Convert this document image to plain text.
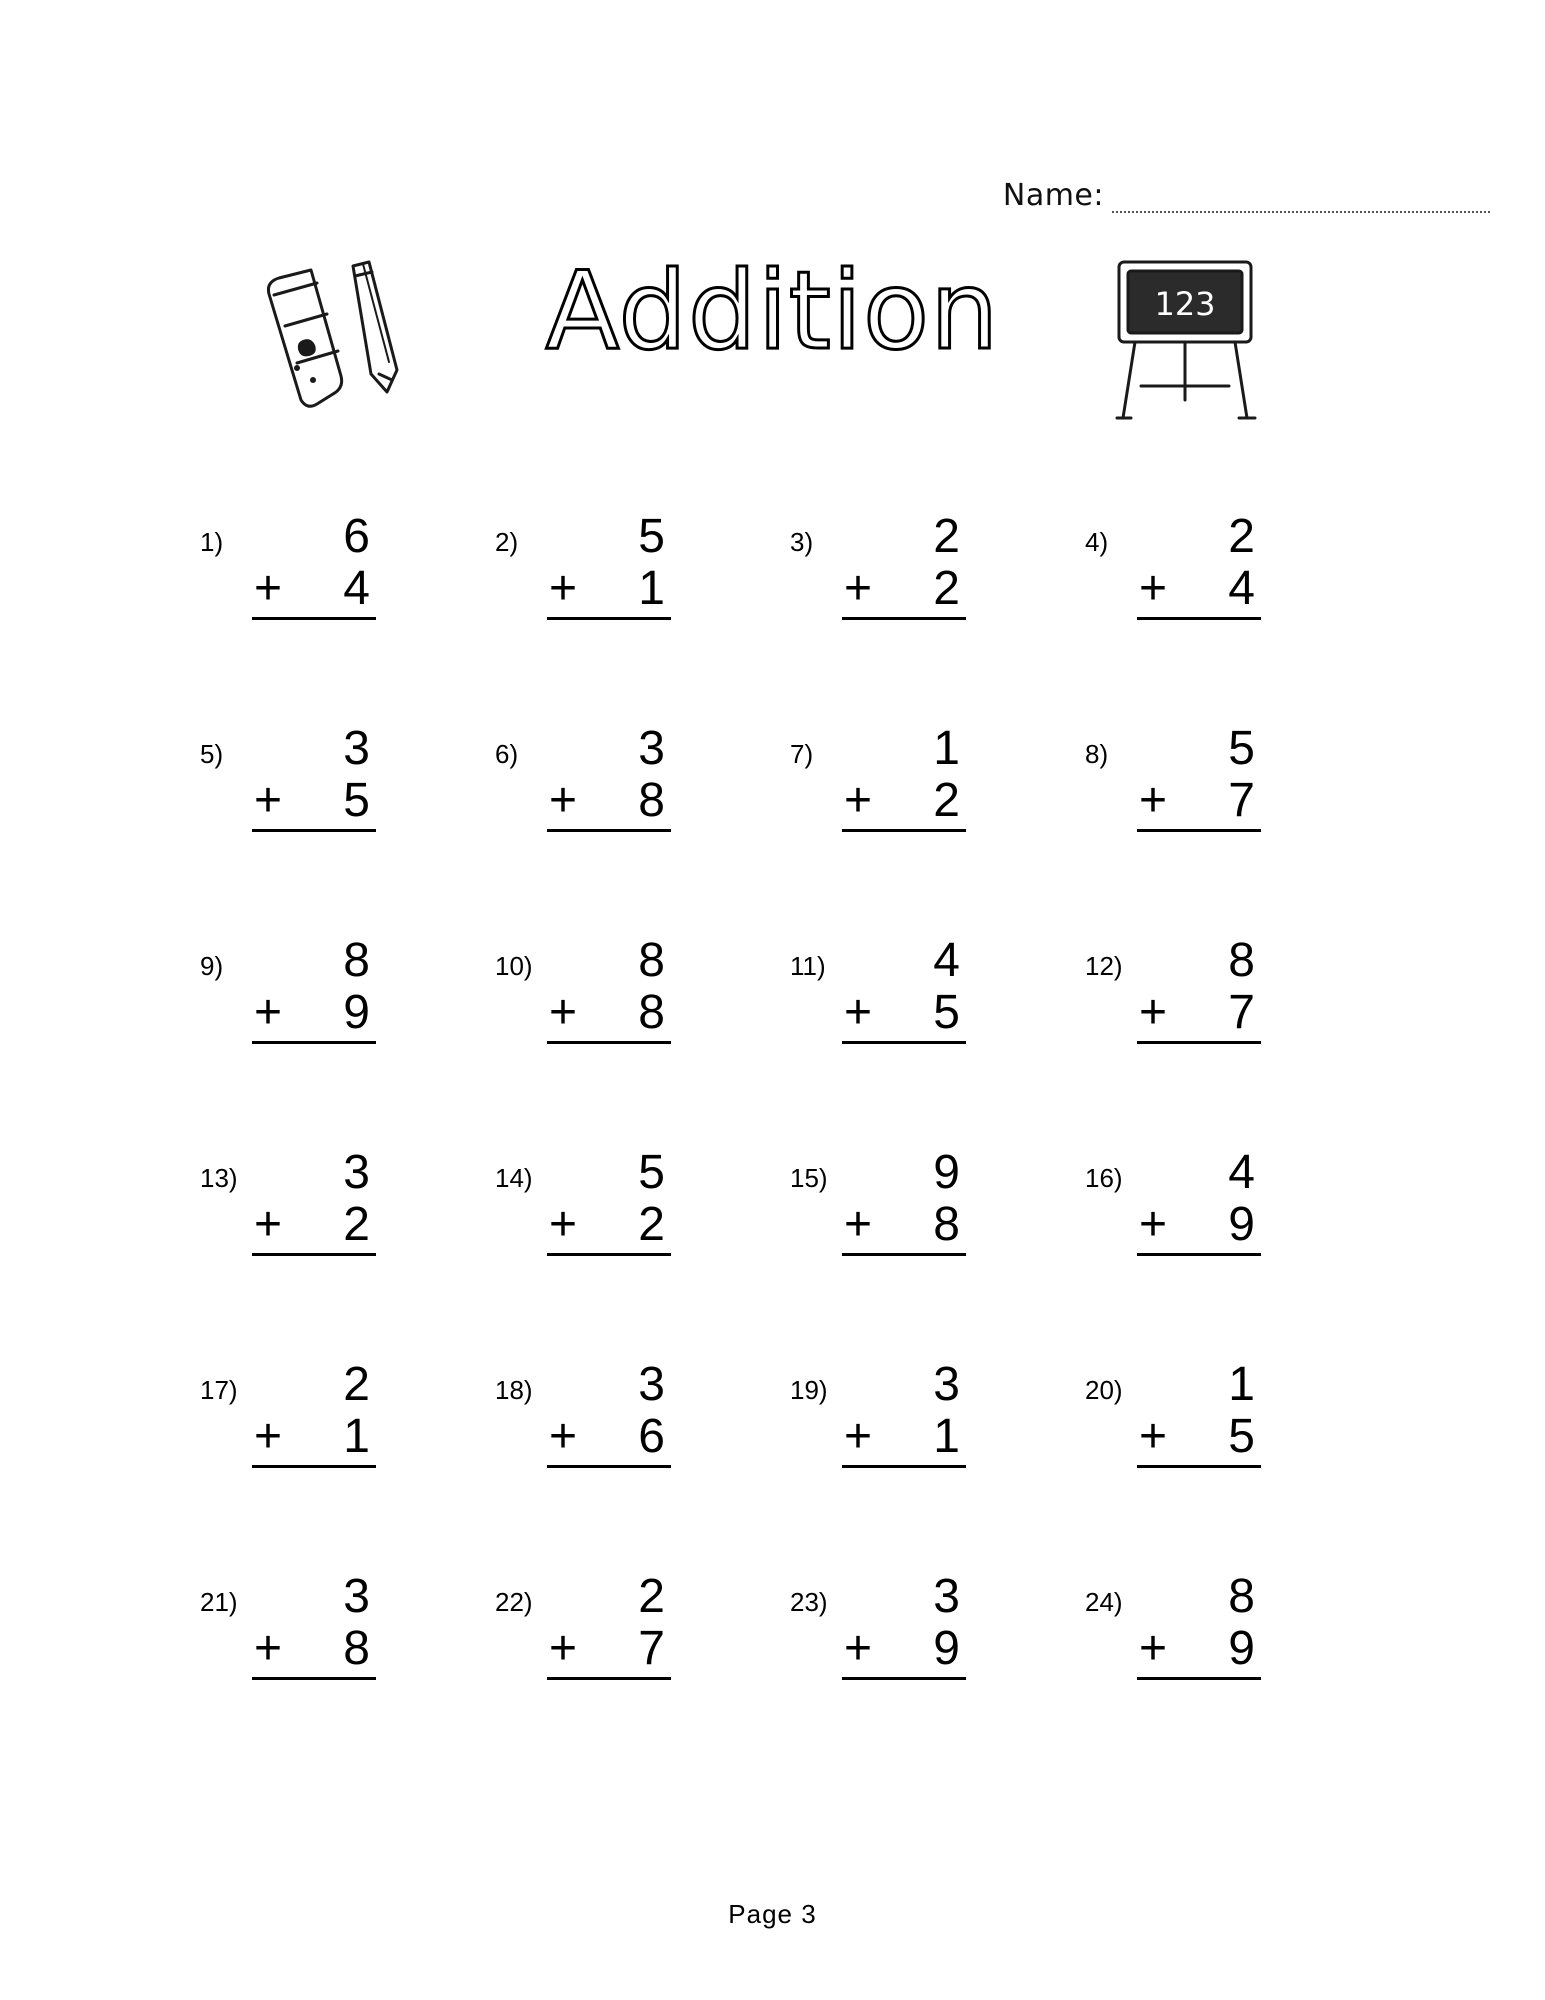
Name:
Addition	123
1)	6
+ 4
2)	5
+ 1
3)	2
+ 2
4)	2
+ 4
5)	3
+ 5
6)	3
+ 8
7)	1
+ 2
8)	5
+ 7
9)	8
+ 9
10)	8
+ 8
11)	4
+ 5
12)	8
+ 7
13)	3
+ 2
14)	5
+ 2
15)	9
+ 8
16)	4
+ 9
17)	2
+ 1
18)	3
+ 6
19)	3
+ 1
20)	1
+ 5
21)	3
+ 8
22)	2
+ 7
23)	3
+ 9
24)	8
+ 9
Page 3
